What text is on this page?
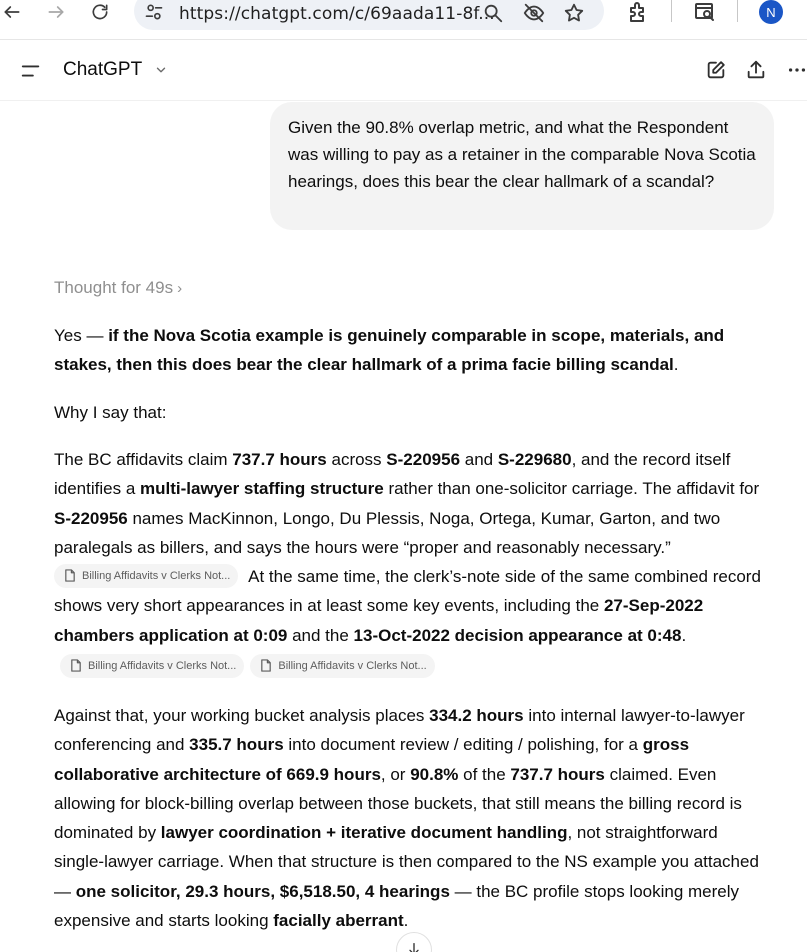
https://chatgpt.com/c/69aada11-8f...	N
ChatGPT
Given the 90.8% overlap metric, and what the Respondent was willing to pay as a retainer in the comparable Nova Scotia hearings, does this bear the clear hallmark of a scandal?
Thought for 49s ›

Yes — if the Nova Scotia example is genuinely comparable in scope, materials, and stakes, then this does bear the clear hallmark of a prima facie billing scandal.

Why I say that:

The BC affidavits claim 737.7 hours across S-220956 and S-229680, and the record itself identifies a multi-lawyer staffing structure rather than one-solicitor carriage. The affidavit for S-220956 names MacKinnon, Longo, Du Plessis, Noga, Ortega, Kumar, Garton, and two paralegals as billers, and says the hours were “proper and reasonably necessary.”
Billing Affidavits v Clerks Not... At the same time, the clerk’s-note side of the same combined record shows very short appearances in at least some key events, including the 27-Sep-2022 chambers application at 0:09 and the 13-Oct-2022 decision appearance at 0:48.

Billing Affidavits v Clerks Not...	Billing Affidavits v Clerks Not...

Against that, your working bucket analysis places 334.2 hours into internal lawyer-to-lawyer conferencing and 335.7 hours into document review / editing / polishing, for a gross collaborative architecture of 669.9 hours, or 90.8% of the 737.7 hours claimed. Even allowing for block-billing overlap between those buckets, that still means the billing record is dominated by lawyer coordination + iterative document handling, not straightforward single-lawyer carriage. When that structure is then compared to the NS example you attached — one solicitor, 29.3 hours, $6,518.50, 4 hearings — the BC profile stops looking merely expensive and starts looking facially aberrant.
